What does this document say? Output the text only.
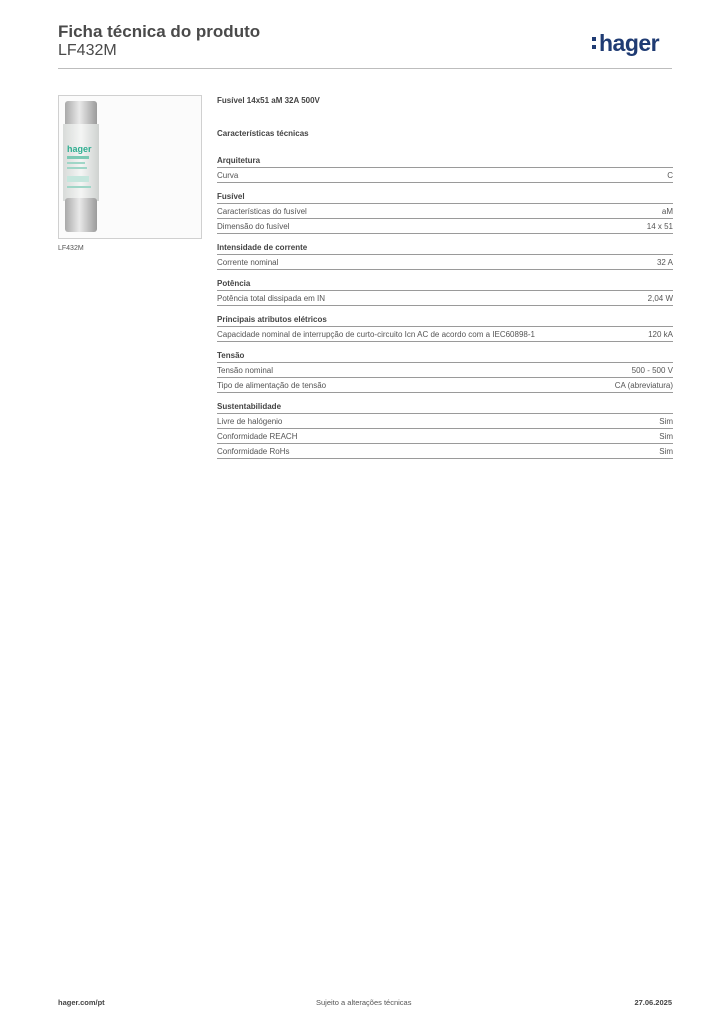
Ficha técnica do produto
LF432M	hager
hager
LF432M
Fusível 14x51 aM 32A 500V
Características técnicas
Arquitetura
Curva	C
Fusível
Características do fusível	aM
Dimensão do fusível	14 x 51
Intensidade de corrente
Corrente nominal	32 A
Potência
Potência total dissipada em IN	2,04 W
Principais atributos elétricos
Capacidade nominal de interrupção de curto-circuito Icn AC de acordo com a IEC60898-1	120 kA
Tensão
Tensão nominal	500 - 500 V
Tipo de alimentação de tensão	CA (abreviatura)
Sustentabilidade
Livre de halógenio	Sim
Conformidade REACH	Sim
Conformidade RoHs	Sim
hager.com/pt	Sujeito a alterações técnicas	27.06.2025
